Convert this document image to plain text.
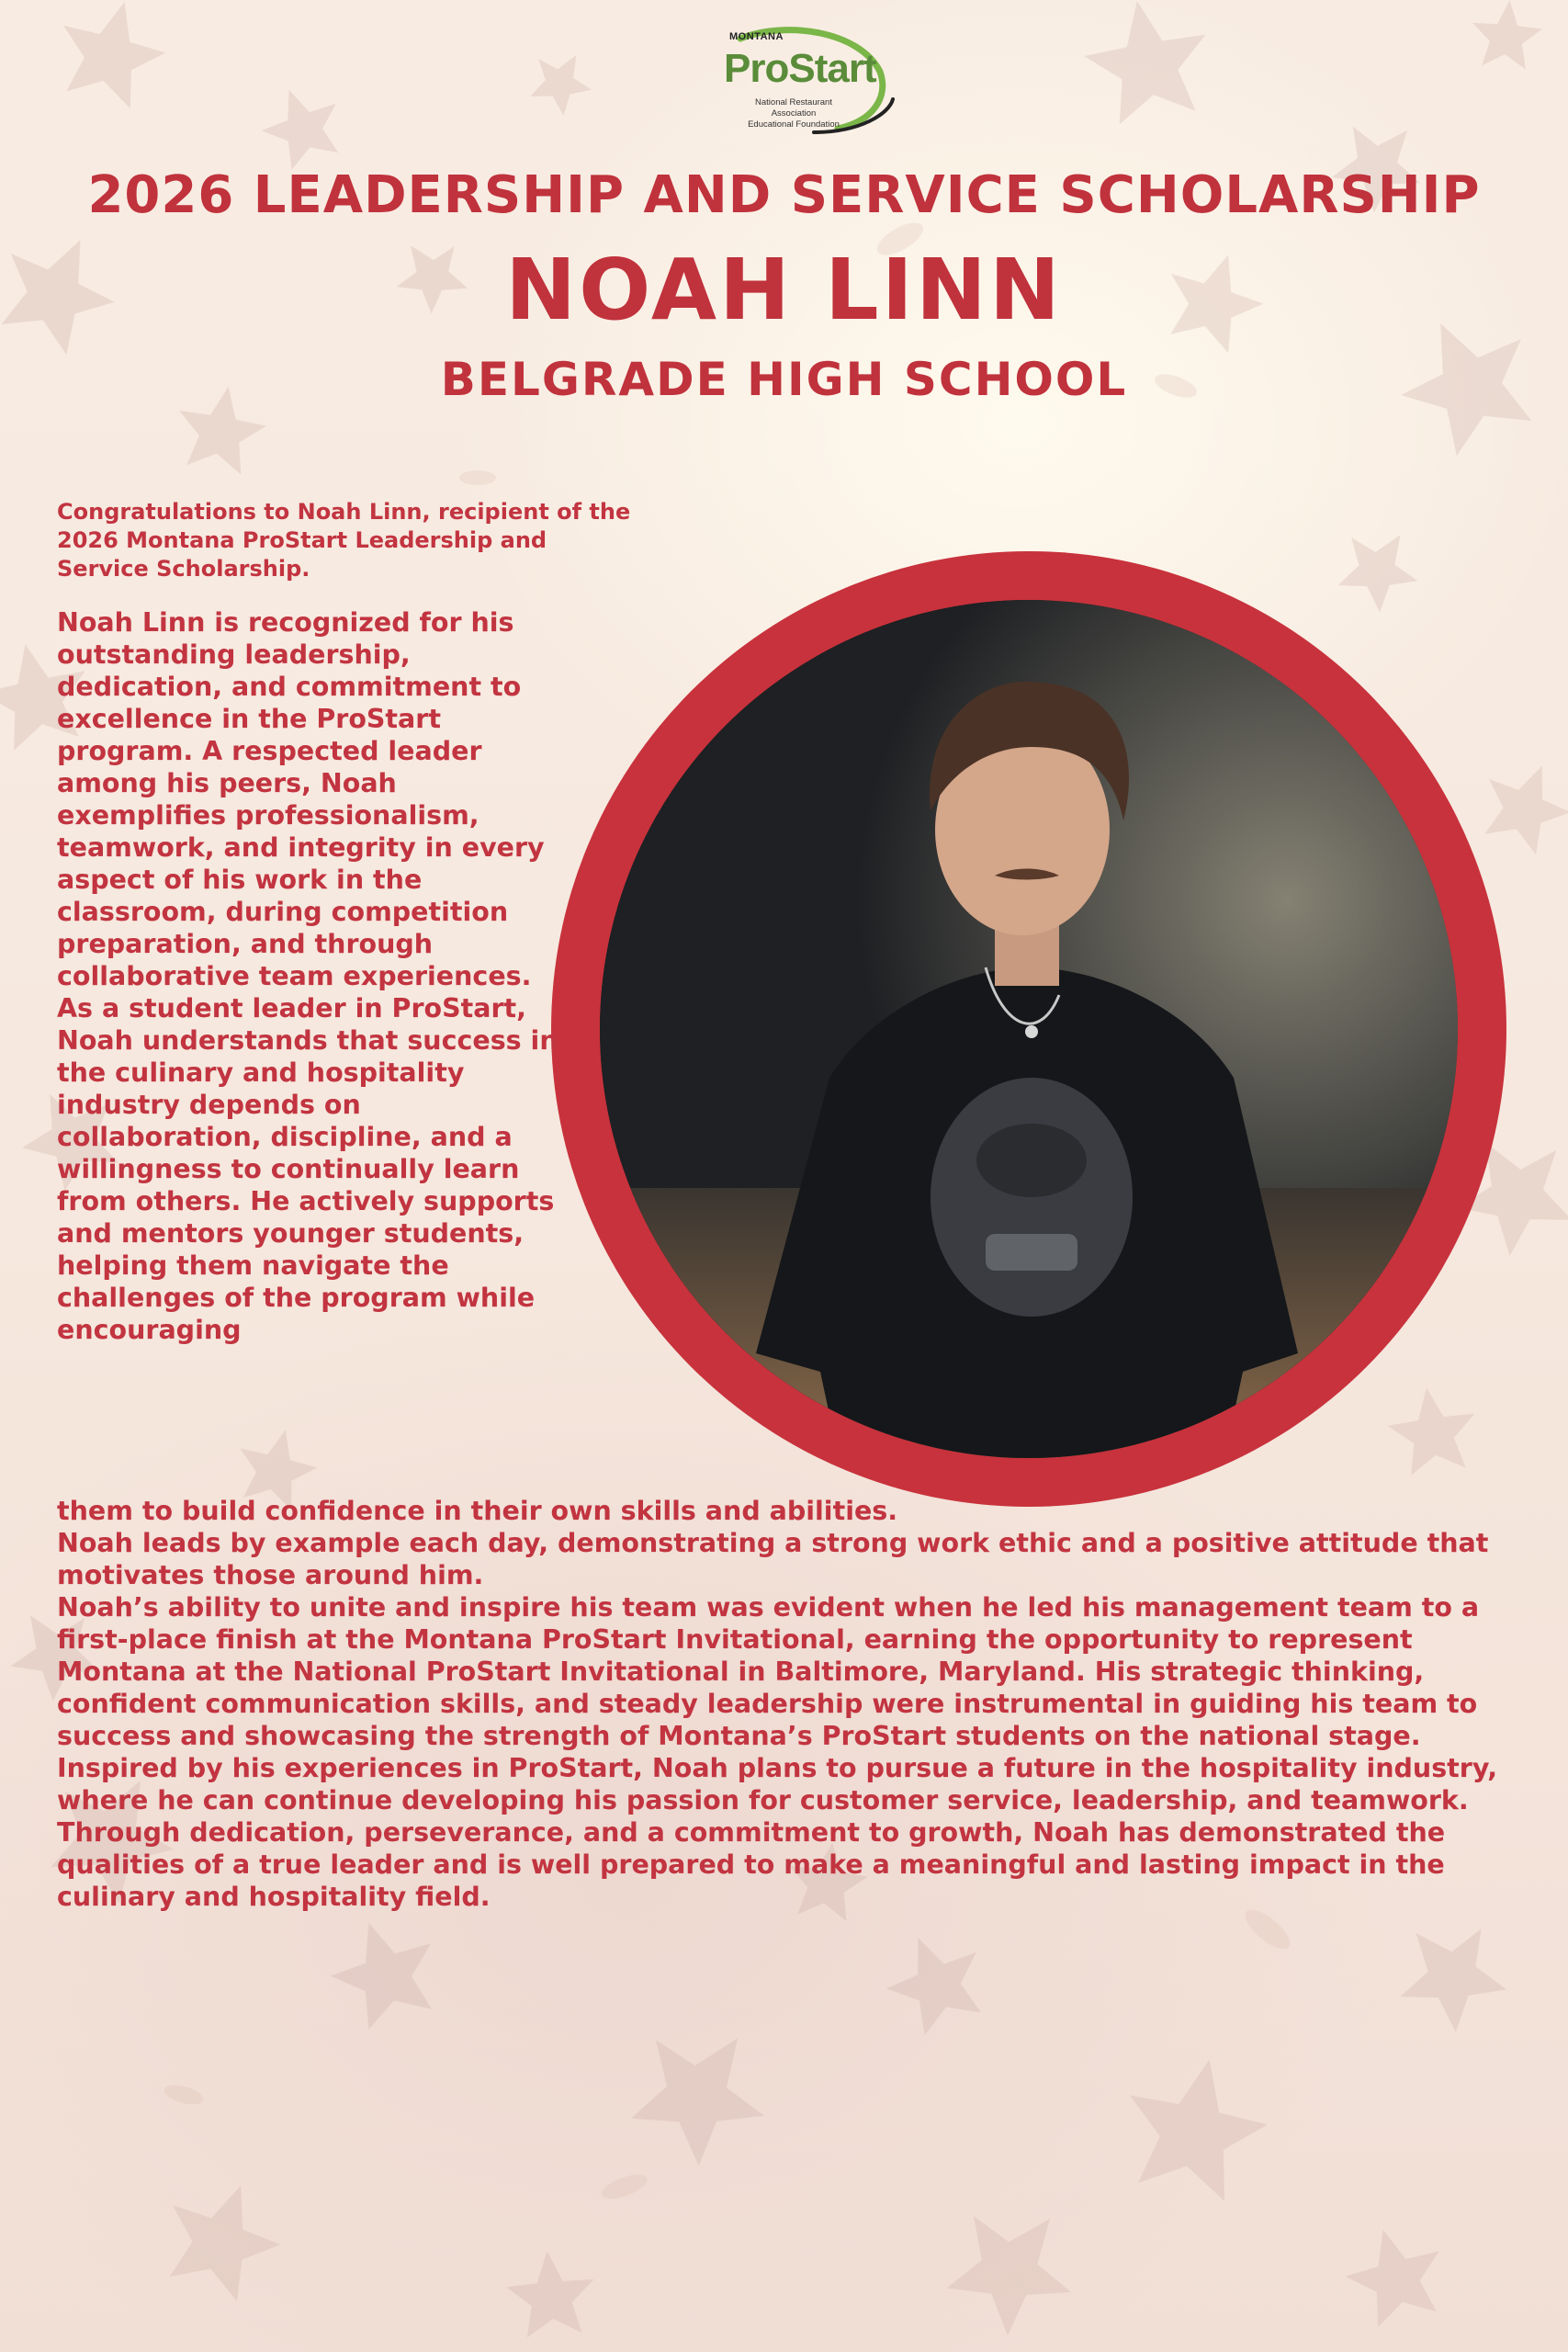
MONTANA
ProStart
National Restaurant Association
Educational Foundation
2026 LEADERSHIP AND SERVICE SCHOLARSHIP
NOAH LINN
BELGRADE HIGH SCHOOL
Congratulations to Noah Linn, recipient of the 2026 Montana ProStart Leadership and Service Scholarship.

Noah Linn is recognized for his outstanding leadership, dedication, and commitment to excellence in the ProStart program. A respected leader among his peers, Noah exemplifies professionalism, teamwork, and integrity in every aspect of his work in the classroom, during competition preparation, and through collaborative team experiences.

As a student leader in ProStart, Noah understands that success in the culinary and hospitality industry depends on collaboration, discipline, and a willingness to continually learn from others. He actively supports and mentors younger students, helping them navigate the challenges of the program while encouraging

them to build confidence in their own skills and abilities.

Noah leads by example each day, demonstrating a strong work ethic and a positive attitude that motivates those around him.

Noah’s ability to unite and inspire his team was evident when he led his management team to a first-place finish at the Montana ProStart Invitational, earning the opportunity to represent Montana at the National ProStart Invitational in Baltimore, Maryland. His strategic thinking, confident communication skills, and steady leadership were instrumental in guiding his team to success and showcasing the strength of Montana’s ProStart students on the national stage.

Inspired by his experiences in ProStart, Noah plans to pursue a future in the hospitality industry, where he can continue developing his passion for customer service, leadership, and teamwork.

Through dedication, perseverance, and a commitment to growth, Noah has demonstrated the qualities of a true leader and is well prepared to make a meaningful and lasting impact in the culinary and hospitality field.
